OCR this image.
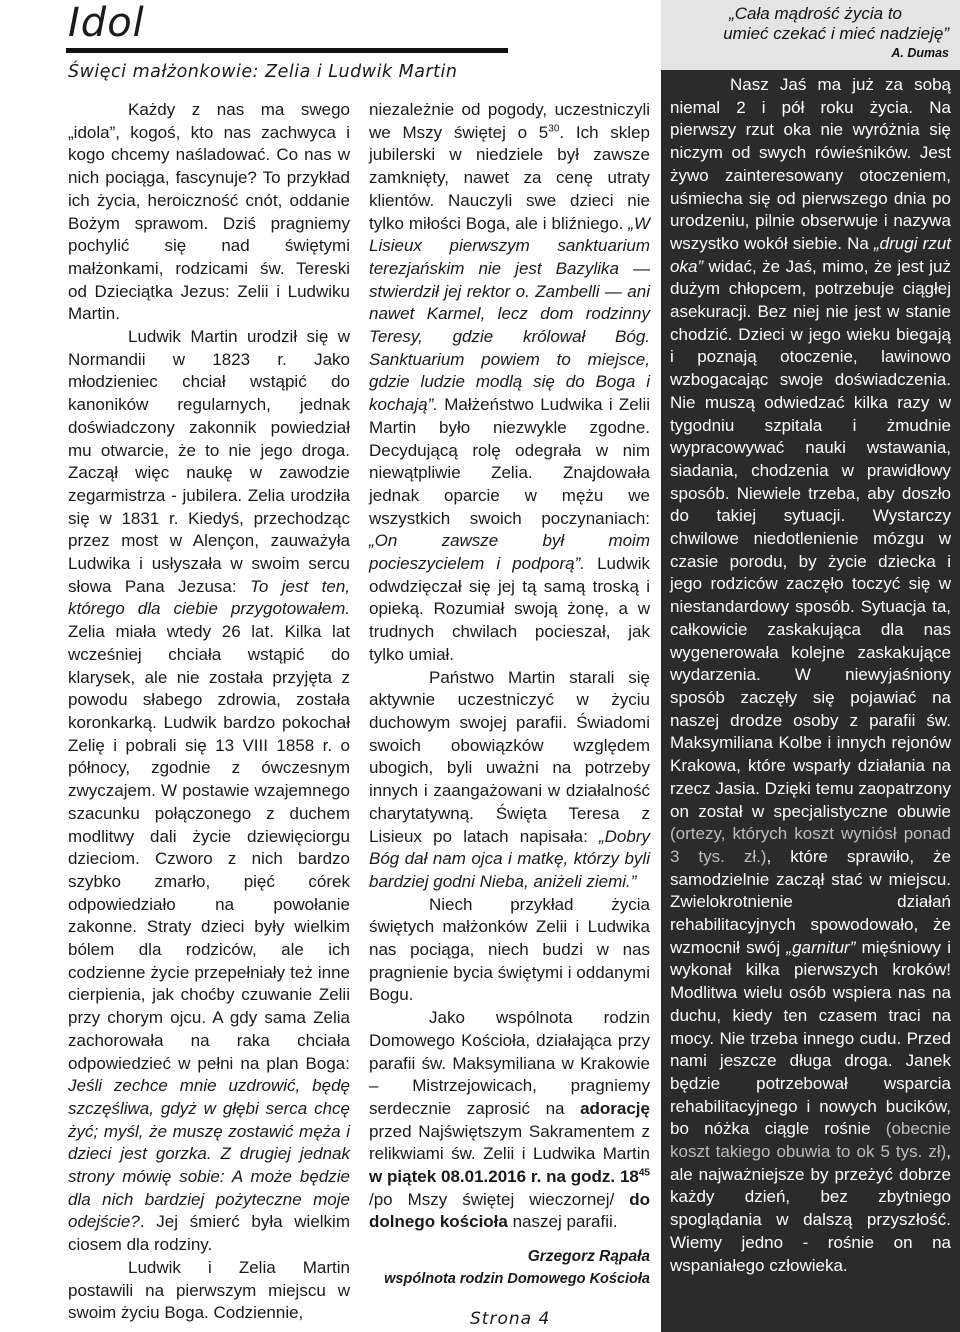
Idol
Święci małżonkowie: Zelia i Ludwik Martin

Każdy z nas ma swego „idola”, kogoś, kto nas zachwyca i kogo chcemy naśladować. Co nas w nich pociąga, fascynuje? To przykład ich życia, heroiczność cnót, oddanie Bożym sprawom. Dziś pragniemy pochylić się nad świętymi małżonkami, rodzicami św. Tereski od Dzieciątka Jezus: Zelii i Ludwiku Martin.

Ludwik Martin urodził się w Normandii w 1823 r. Jako młodzieniec chciał wstąpić do kanoników regularnych, jednak doświadczony zakonnik powiedział mu otwarcie, że to nie jego droga. Zaczął więc naukę w zawodzie zegarmistrza - jubilera. Zelia urodziła się w 1831 r. Kiedyś, przechodząc przez most w Alençon, zauważyła Ludwika i usłyszała w swoim sercu słowa Pana Jezusa: To jest ten, którego dla ciebie przygotowałem. Zelia miała wtedy 26 lat. Kilka lat wcześniej chciała wstąpić do klarysek, ale nie została przyjęta z powodu słabego zdrowia, została koronkarką. Ludwik bardzo pokochał Zelię i pobrali się 13 VIII 1858 r. o północy, zgodnie z ówczesnym zwyczajem. W postawie wzajemnego szacunku połączonego z duchem modlitwy dali życie dziewięciorgu dzieciom. Czworo z nich bardzo szybko zmarło, pięć córek odpowiedziało na powołanie zakonne. Straty dzieci były wielkim bólem dla rodziców, ale ich codzienne życie przepełniały też inne cierpienia, jak choćby czuwanie Zelii przy chorym ojcu. A gdy sama Zelia zachorowała na raka chciała odpowiedzieć w pełni na plan Boga: Jeśli zechce mnie uzdrowić, będę szczęśliwa, gdyż w głębi serca chcę żyć; myśl, że muszę zostawić męża i dzieci jest gorzka. Z drugiej jednak strony mówię sobie: A może będzie dla nich bardziej pożyteczne moje odejście?. Jej śmierć była wielkim ciosem dla rodziny.

Ludwik i Zelia Martin postawili na pierwszym miejscu w swoim życiu Boga. Codziennie,

niezależnie od pogody, uczestniczyli we Mszy świętej o $5^{30}$. Ich sklep jubilerski w niedziele był zawsze zamknięty, nawet za cenę utraty klientów. Nauczyli swe dzieci nie tylko miłości Boga, ale i bliźniego. „W Lisieux pierwszym sanktuarium terezjańskim nie jest Bazylika — stwierdził jej rektor o. Zambelli — ani nawet Karmel, lecz dom rodzinny Teresy, gdzie królował Bóg. Sanktuarium powiem to miejsce, gdzie ludzie modlą się do Boga i kochają”. Małżeństwo Ludwika i Zelii Martin było niezwykle zgodne. Decydującą rolę odegrała w nim niewątpliwie Zelia. Znajdowała jednak oparcie w mężu we wszystkich swoich poczynaniach: „On zawsze był moim pocieszycielem i podporą”. Ludwik odwdzięczał się jej tą samą troską i opieką. Rozumiał swoją żonę, a w trudnych chwilach pocieszał, jak tylko umiał.

Państwo Martin starali się aktywnie uczestniczyć w życiu duchowym swojej parafii. Świadomi swoich obowiązków względem ubogich, byli uważni na potrzeby innych i zaangażowani w działalność charytatywną. Święta Teresa z Lisieux po latach napisała: „Dobry Bóg dał nam ojca i matkę, którzy byli bardziej godni Nieba, aniżeli ziemi.”

Niech przykład życia świętych małżonków Zelii i Ludwika nas pociąga, niech budzi w nas pragnienie bycia świętymi i oddanymi Bogu.

Jako wspólnota rodzin Domowego Kościoła, działająca przy parafii św. Maksymiliana w Krakowie – Mistrzejowicach, pragniemy serdecznie zaprosić na adorację przed Najświętszym Sakramentem z relikwiami św. Zelii i Ludwika Martin w piątek 08.01.2016 r. na godz. $18^{45}$ /po Mszy świętej wieczornej/ do dolnego kościoła naszej parafii.

Grzegorz Rąpała
wspólnota rodzin Domowego Kościoła
Strona 4
„Cała mądrość życia to
umieć czekać i mieć nadzieję”
A. Dumas

Nasz Jaś ma już za sobą niemal 2 i pół roku życia. Na pierwszy rzut oka nie wyróżnia się niczym od swych rówieśników. Jest żywo zainteresowany otoczeniem, uśmiecha się od pierwszego dnia po urodzeniu, pilnie obserwuje i nazywa wszystko wokół siebie. Na „drugi rzut oka” widać, że Jaś, mimo, że jest już dużym chłopcem, potrzebuje ciągłej asekuracji. Bez niej nie jest w stanie chodzić. Dzieci w jego wieku biegają i poznają otoczenie, lawinowo wzbogacając swoje doświadczenia. Nie muszą odwiedzać kilka razy w tygodniu szpitala i żmudnie wypracowywać nauki wstawania, siadania, chodzenia w prawidłowy sposób. Niewiele trzeba, aby doszło do takiej sytuacji. Wystarczy chwilowe niedotlenienie mózgu w czasie porodu, by życie dziecka i jego rodziców zaczęło toczyć się w niestandardowy sposób. Sytuacja ta, całkowicie zaskakująca dla nas wygenerowała kolejne zaskakujące wydarzenia. W niewyjaśniony sposób zaczęły się pojawiać na naszej drodze osoby z parafii św. Maksymiliana Kolbe i innych rejonów Krakowa, które wsparły działania na rzecz Jasia. Dzięki temu zaopatrzony on został w specjalistyczne obuwie (ortezy, których koszt wyniósł ponad 3 tys. zł.), które sprawiło, że samodzielnie zaczął stać w miejscu. Zwielokrotnienie działań rehabilitacyjnych spowodowało, że wzmocnił swój „garnitur” mięśniowy i wykonał kilka pierwszych kroków! Modlitwa wielu osób wspiera nas na duchu, kiedy ten czasem traci na mocy. Nie trzeba innego cudu. Przed nami jeszcze długa droga. Janek będzie potrzebował wsparcia rehabilitacyjnego i nowych bucików, bo nóżka ciągle rośnie (obecnie koszt takiego obuwia to ok 5 tys. zł), ale najważniejsze by przeżyć dobrze każdy dzień, bez zbytniego spoglądania w dalszą przyszłość. Wiemy jedno - rośnie on na wspaniałego człowieka.
